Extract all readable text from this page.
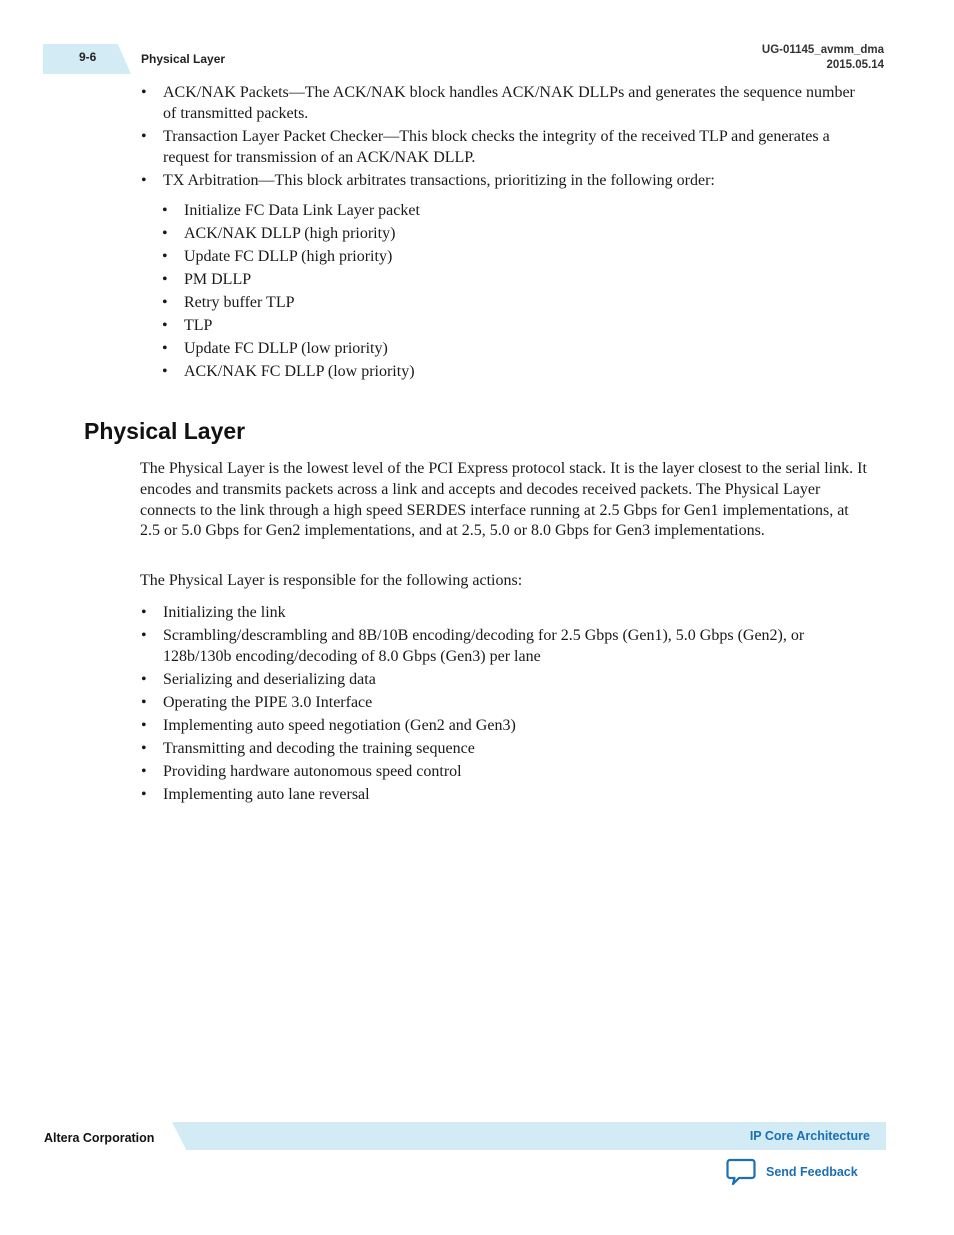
9-6	Physical Layer
UG-01145_avmm_dma
2015.05.14
• ACK/NAK Packets—The ACK/NAK block handles ACK/NAK DLLPs and generates the sequence number of transmitted packets.
• Transaction Layer Packet Checker—This block checks the integrity of the received TLP and generates a request for transmission of an ACK/NAK DLLP.
• TX Arbitration—This block arbitrates transactions, prioritizing in the following order:
• Initialize FC Data Link Layer packet
• ACK/NAK DLLP (high priority)
• Update FC DLLP (high priority)
• PM DLLP
• Retry buffer TLP
• TLP
• Update FC DLLP (low priority)
• ACK/NAK FC DLLP (low priority)
Physical Layer

The Physical Layer is the lowest level of the PCI Express protocol stack. It is the layer closest to the serial link. It encodes and transmits packets across a link and accepts and decodes received packets. The Physical Layer connects to the link through a high speed SERDES interface running at 2.5 Gbps for Gen1 implementations, at 2.5 or 5.0 Gbps for Gen2 implementations, and at 2.5, 5.0 or 8.0 Gbps for Gen3 implementations.

The Physical Layer is responsible for the following actions:

• Initializing the link
• Scrambling/descrambling and 8B/10B encoding/decoding for 2.5 Gbps (Gen1), 5.0 Gbps (Gen2), or 128b/130b encoding/decoding of 8.0 Gbps (Gen3) per lane
• Serializing and deserializing data
• Operating the PIPE 3.0 Interface
• Implementing auto speed negotiation (Gen2 and Gen3)
• Transmitting and decoding the training sequence
• Providing hardware autonomous speed control
• Implementing auto lane reversal
Altera Corporation	IP Core Architecture
Send Feedback
